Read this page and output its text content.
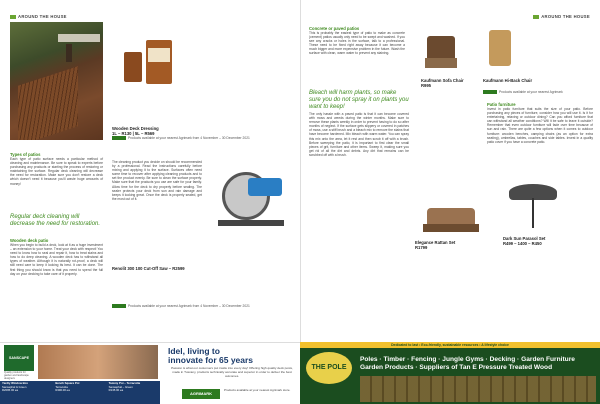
AROUND THE HOUSE
Wooden Deck Dressing
1L – R130 | 5L – R569
Products available at your nearest Agrimark from 4 November – 30 December 2021
Types of patios
Each type of patio surface needs a particular method of cleaning and maintenance. Be sure to speak to experts before purchasing any products or starting the process of restoring or maintaining the surface. Regular deck cleaning will decrease the need for restoration. Make sure you don't restore a deck which doesn't need it because you'll waste huge amounts of money!
Regular deck cleaning will decrease the need for restoration.
Wooden deck patio
When you begin to build a deck, look at it as a huge investment – an extension to your home. Treat your deck with respect! You need to know how to seal and repair it, how to treat stains and how to do deep cleaning. A wooden deck has to withstand all types of weather. Although it is naturally rot-proof, a deck will still need care to keep it looking its best. It can be done. The first thing you should know is that you need to spend the full day on your decking to take care of it properly.
The cleaning product you decide on should be recommended by a professional. Read the instructions carefully before mixing and applying it to the surface. Surfaces often need some time to recover after applying cleaning products and to set the product evenly. Be sure to clean the surface properly. Make sure that the products you use are safe for your family. Allow time for the deck to dry properly before sealing. The sealer protects your deck from sun and rain damage and keeps it looking great. Once the deck is properly sealed, get the most out of it.
Renolit 300 100 Cut-Off Saw – R2599
Products available at your nearest Agrimark from 4 November – 30 December 2021
AROUND THE HOUSE
Concrete or paved patios
This is probably the easiest type of patio to make as concrete (cement) patios usually only need to be swept and washed. If you see any cracks or holes in the surface, talk to a professional. These need to be fixed right away because it can become a much bigger and more expensive problem in the future. Wash the surface with clean, warm water to prevent any staining.
Bleach will harm plants, so make sure you do not spray it on plants you want to keep!
The only hassle with a paved patio is that it can become covered with moss and weeds during the winter months. Make sure to remove these plants weekly in order to prevent having to do so after months of neglect. If the surface gets slippery or covered in patches of moss, use a stiff brush and a bleach mix to remove the stains that have become hardened. Mix bleach with warm water. You can spray this mix onto the area, let it rest and then scrub it off with a brush. Before sweeping the patio, it is important to first clear the small pieces of grit, furniture and other items. Sweep it, making sure you get rid of all the dirt and debris. Any dirt that remains can be scrubbed off with a brush.
Kaufmann Sofa Chair
R995
Kaufmann Hi-Back Chair
Products available at your nearest Agrimark
Patio furniture
Invest in patio furniture that suits the size of your patio. Before purchasing any pieces of furniture, consider how you will use it. Is it for entertaining, relaxing or outdoor dining? Can you afford furniture that can withstand all weather conditions? Will it be safe to leave it outside? Remember that even outdoor furniture will fade over time because of sun and rain. There are quite a few options when it comes to outdoor furniture: wooden benches, camping chairs (as an option for extra seating), umbrellas, tables, couches and side tables. Invest in a quality patio cover if you have a concrete patio.
Elegance Rattan Set
R1799
Dark Sun Parasol Set
R499 – 1400 – R450
SANSCAPE
Quality products for garden and landscape designers
Yardly Window Box
Sansaphal & Green
R2095.00 ea
Bench Square Pot
Terracotta
R490.00 ea
Tammy Pot – Terracotta
Sansaphal – Green
R135.00 ea
Idel, living to
innovate for 65 years
Passion is what our customers put inside into every day! Offering high quality deck posts, made in Tuscany, products technically accurate and superior in order to deliver the best outcomes.
AGRIMARK
Products available at your nearest Agrimark store.
Dedicated to last • Eco-friendly, sustainable resources • A lifestyle choice
THE POLE
Poles · Timber · Fencing · Jungle Gyms · Decking · Garden Furniture
Garden Products · Suppliers of Tan E Pressure Treated Wood
